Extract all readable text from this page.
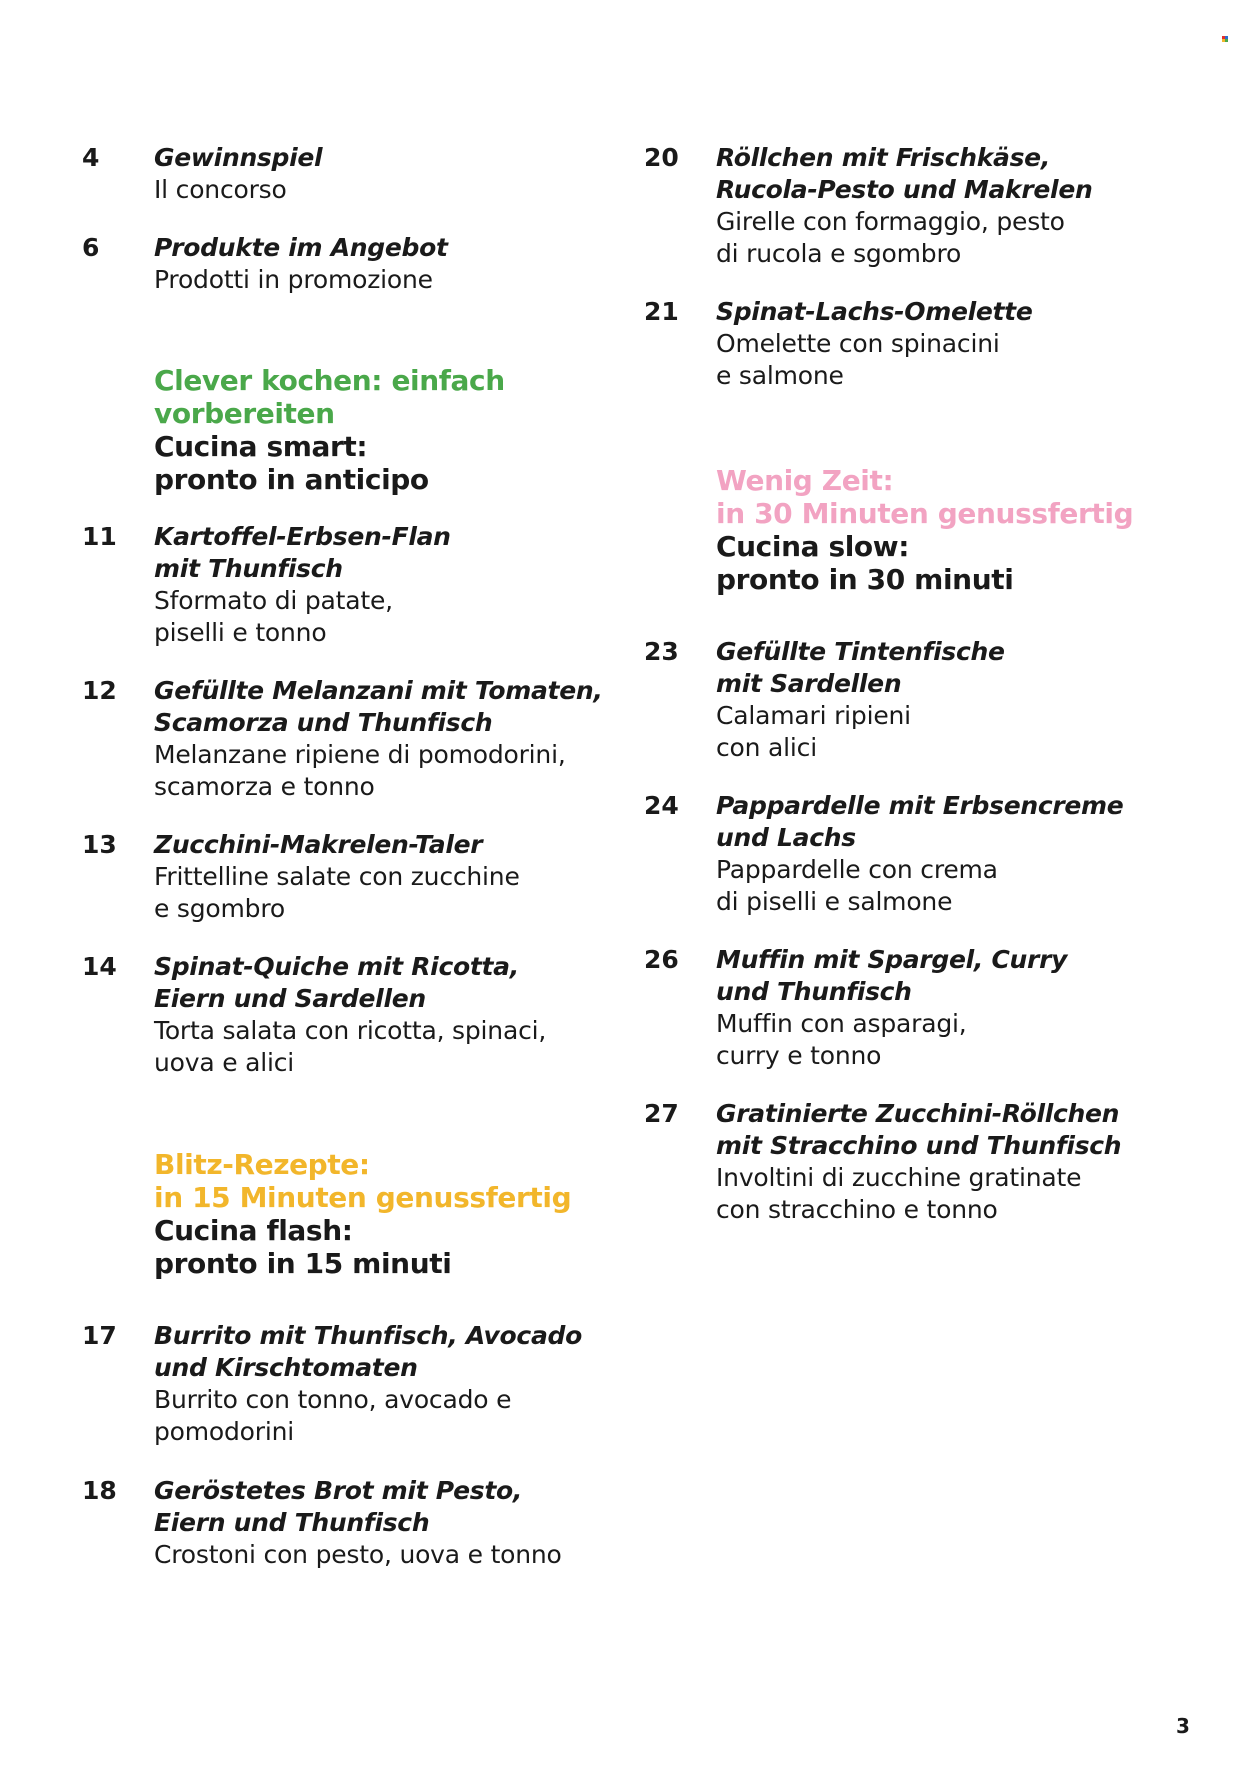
4 Gewinnspiel
Il concorso
6 Produkte im Angebot
Prodotti in promozione
Clever kochen: einfach
vorbereiten
Cucina smart:
pronto in anticipo
11 Kartoffel-Erbsen-Flan
mit Thunfisch
Sformato di patate,
piselli e tonno
12 Gefüllte Melanzani mit Tomaten,
Scamorza und Thunfisch
Melanzane ripiene di pomodorini,
scamorza e tonno
13 Zucchini-Makrelen-Taler
Frittelline salate con zucchine
e sgombro
14 Spinat-Quiche mit Ricotta,
Eiern und Sardellen
Torta salata con ricotta, spinaci,
uova e alici
Blitz-Rezepte:
in 15 Minuten genussfertig
Cucina flash:
pronto in 15 minuti
17 Burrito mit Thunfisch, Avocado
und Kirschtomaten
Burrito con tonno, avocado e
pomodorini
18 Geröstetes Brot mit Pesto,
Eiern und Thunfisch
Crostoni con pesto, uova e tonno
20 Röllchen mit Frischkäse,
Rucola-Pesto und Makrelen
Girelle con formaggio, pesto
di rucola e sgombro
21 Spinat-Lachs-Omelette
Omelette con spinacini
e salmone
Wenig Zeit:
in 30 Minuten genussfertig
Cucina slow:
pronto in 30 minuti
23 Gefüllte Tintenfische
mit Sardellen
Calamari ripieni
con alici
24 Pappardelle mit Erbsencreme
und Lachs
Pappardelle con crema
di piselli e salmone
26 Muffin mit Spargel, Curry
und Thunfisch
Muffin con asparagi,
curry e tonno
27 Gratinierte Zucchini-Röllchen
mit Stracchino und Thunfisch
Involtini di zucchine gratinate
con stracchino e tonno
3
